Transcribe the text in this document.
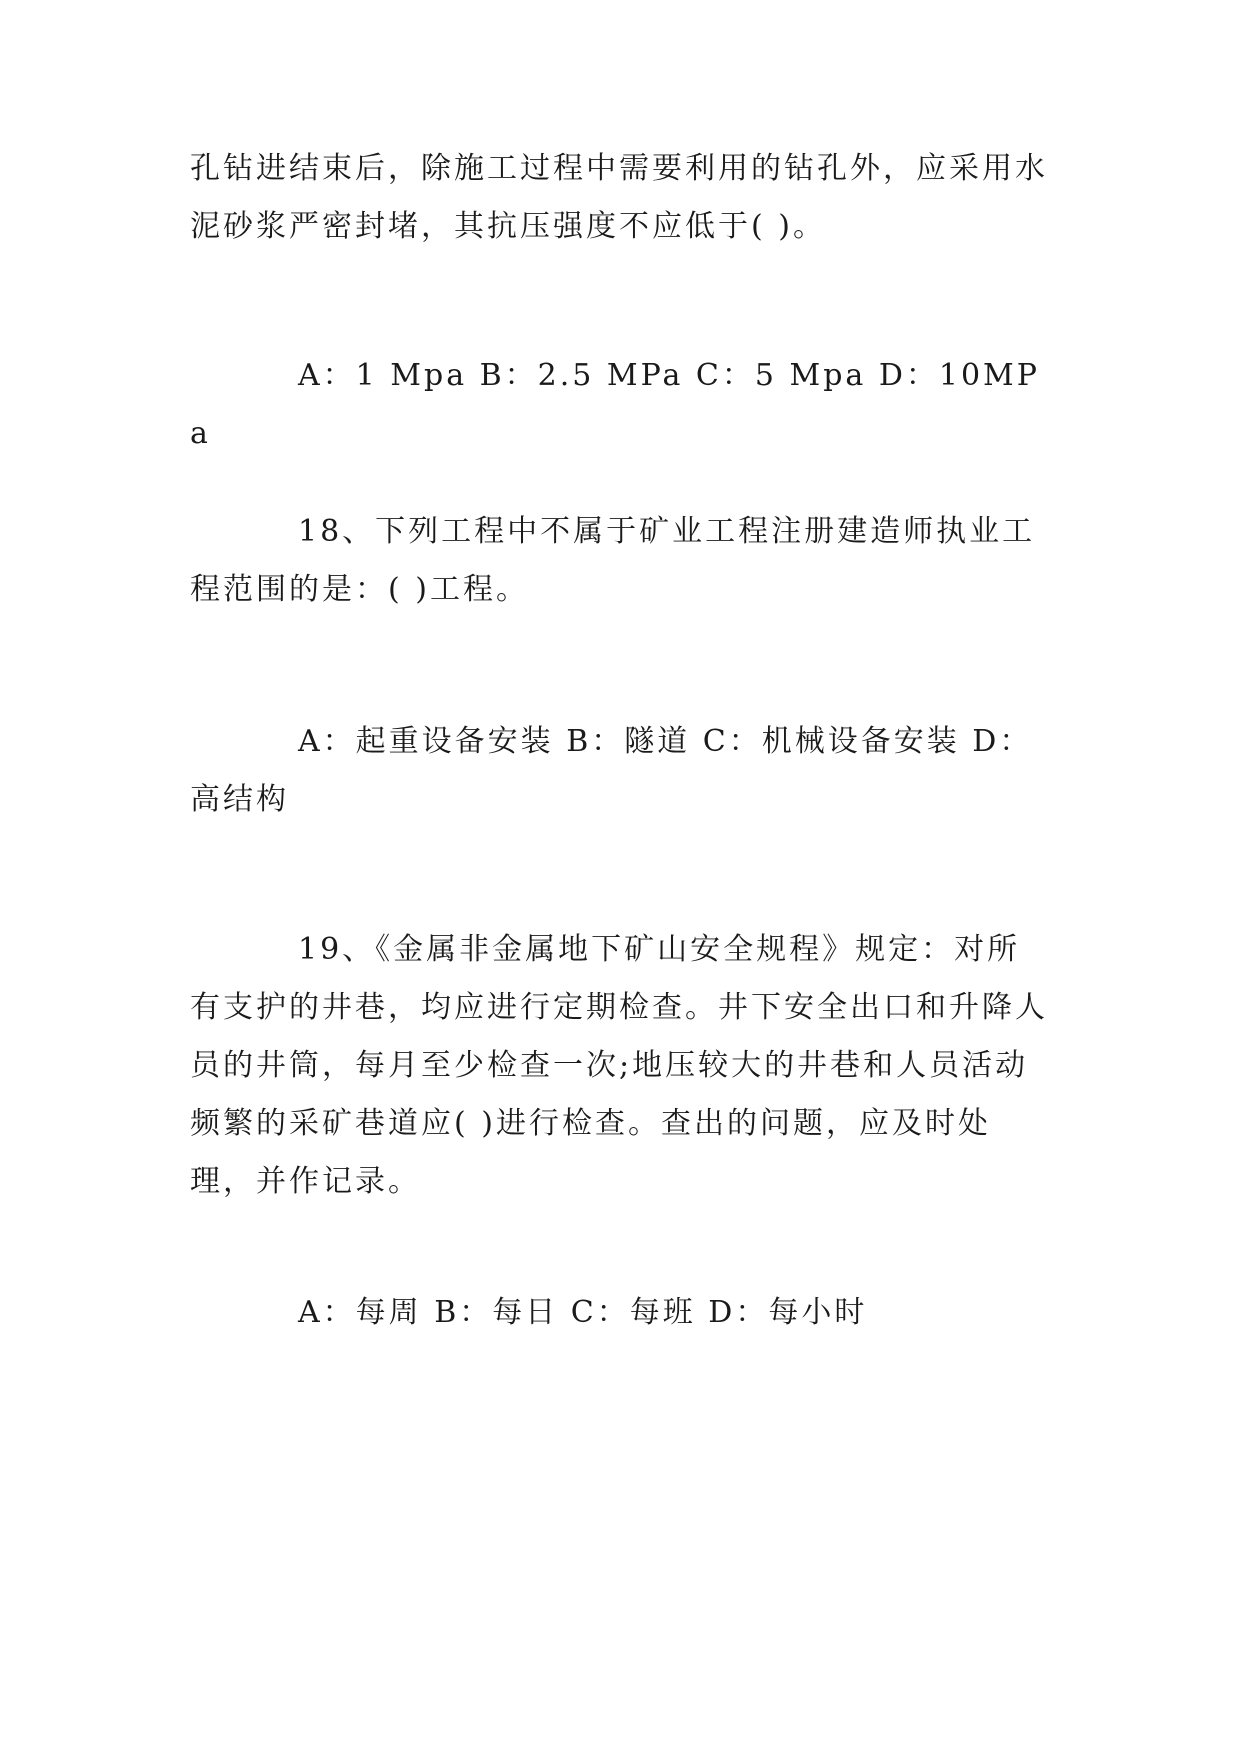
孔钻进结束后，除施工过程中需要利用的钻孔外，应采用水泥砂浆严密封堵，其抗压强度不应低于( )。

A：1 Mpa B：2.5 MPa C：5 Mpa D：10MPa

18、下列工程中不属于矿业工程注册建造师执业工程范围的是：( )工程。

A：起重设备安装 B：隧道 C：机械设备安装 D：高结构

19、《金属非金属地下矿山安全规程》规定：对所有支护的井巷，均应进行定期检查。井下安全出口和升降人员的井筒，每月至少检查一次;地压较大的井巷和人员活动频繁的采矿巷道应( )进行检查。查出的问题，应及时处理，并作记录。

A：每周 B：每日 C：每班 D：每小时
